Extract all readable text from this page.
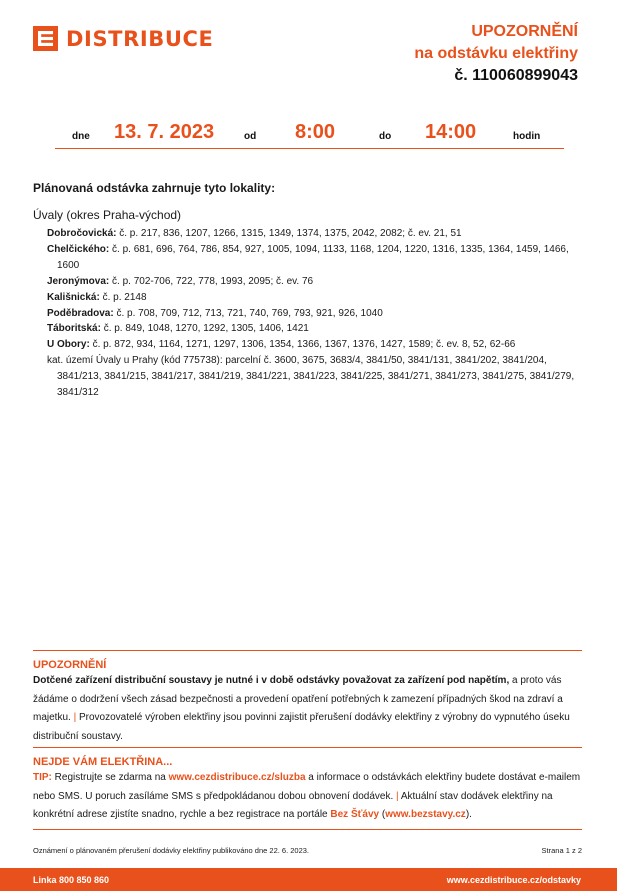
DISTRIBUCE	UPOZORNĚNÍ
na odstávku elektřiny
č. 110060899043
dne 13. 7. 2023	od 8:00	do 14:00	hodin
Plánovaná odstávka zahrnuje tyto lokality:
Úvaly (okres Praha-východ)
Dobročovická: č. p. 217, 836, 1207, 1266, 1315, 1349, 1374, 1375, 2042, 2082; č. ev. 21, 51
Chelčického: č. p. 681, 696, 764, 786, 854, 927, 1005, 1094, 1133, 1168, 1204, 1220, 1316, 1335, 1364, 1459, 1466, 1600
Jeronýmova: č. p. 702-706, 722, 778, 1993, 2095; č. ev. 76
Kališnická: č. p. 2148
Poděbradova: č. p. 708, 709, 712, 713, 721, 740, 769, 793, 921, 926, 1040
Táboritská: č. p. 849, 1048, 1270, 1292, 1305, 1406, 1421
U Obory: č. p. 872, 934, 1164, 1271, 1297, 1306, 1354, 1366, 1367, 1376, 1427, 1589; č. ev. 8, 52, 62-66
kat. území Úvaly u Prahy (kód 775738): parcelní č. 3600, 3675, 3683/4, 3841/50, 3841/131, 3841/202, 3841/204, 3841/213, 3841/215, 3841/217, 3841/219, 3841/221, 3841/223, 3841/225, 3841/271, 3841/273, 3841/275, 3841/279, 3841/312
UPOZORNĚNÍ
Dotčené zařízení distribuční soustavy je nutné i v době odstávky považovat za zařízení pod napětím, a proto vás žádáme o dodržení všech zásad bezpečnosti a provedení opatření potřebných k zamezení případných škod na zdraví a majetku. | Provozovatelé výroben elektřiny jsou povinni zajistit přerušení dodávky elektřiny z výrobny do vypnutého úseku distribuční soustavy.
NEJDE VÁM ELEKTŘINA...
TIP: Registrujte se zdarma na www.cezdistribuce.cz/sluzba a informace o odstávkách elektřiny budete dostávat e-mailem nebo SMS. U poruch zasíláme SMS s předpokládanou dobou obnovení dodávek. | Aktuální stav dodávek elektřiny na konkrétní adrese zjistíte snadno, rychle a bez registrace na portále Bez Šťávy (www.bezstavy.cz).
Oznámení o plánovaném přerušení dodávky elektřiny publikováno dne 22. 6. 2023.	Strana 1 z 2
Linka 800 850 860	www.cezdistribuce.cz/odstavky
